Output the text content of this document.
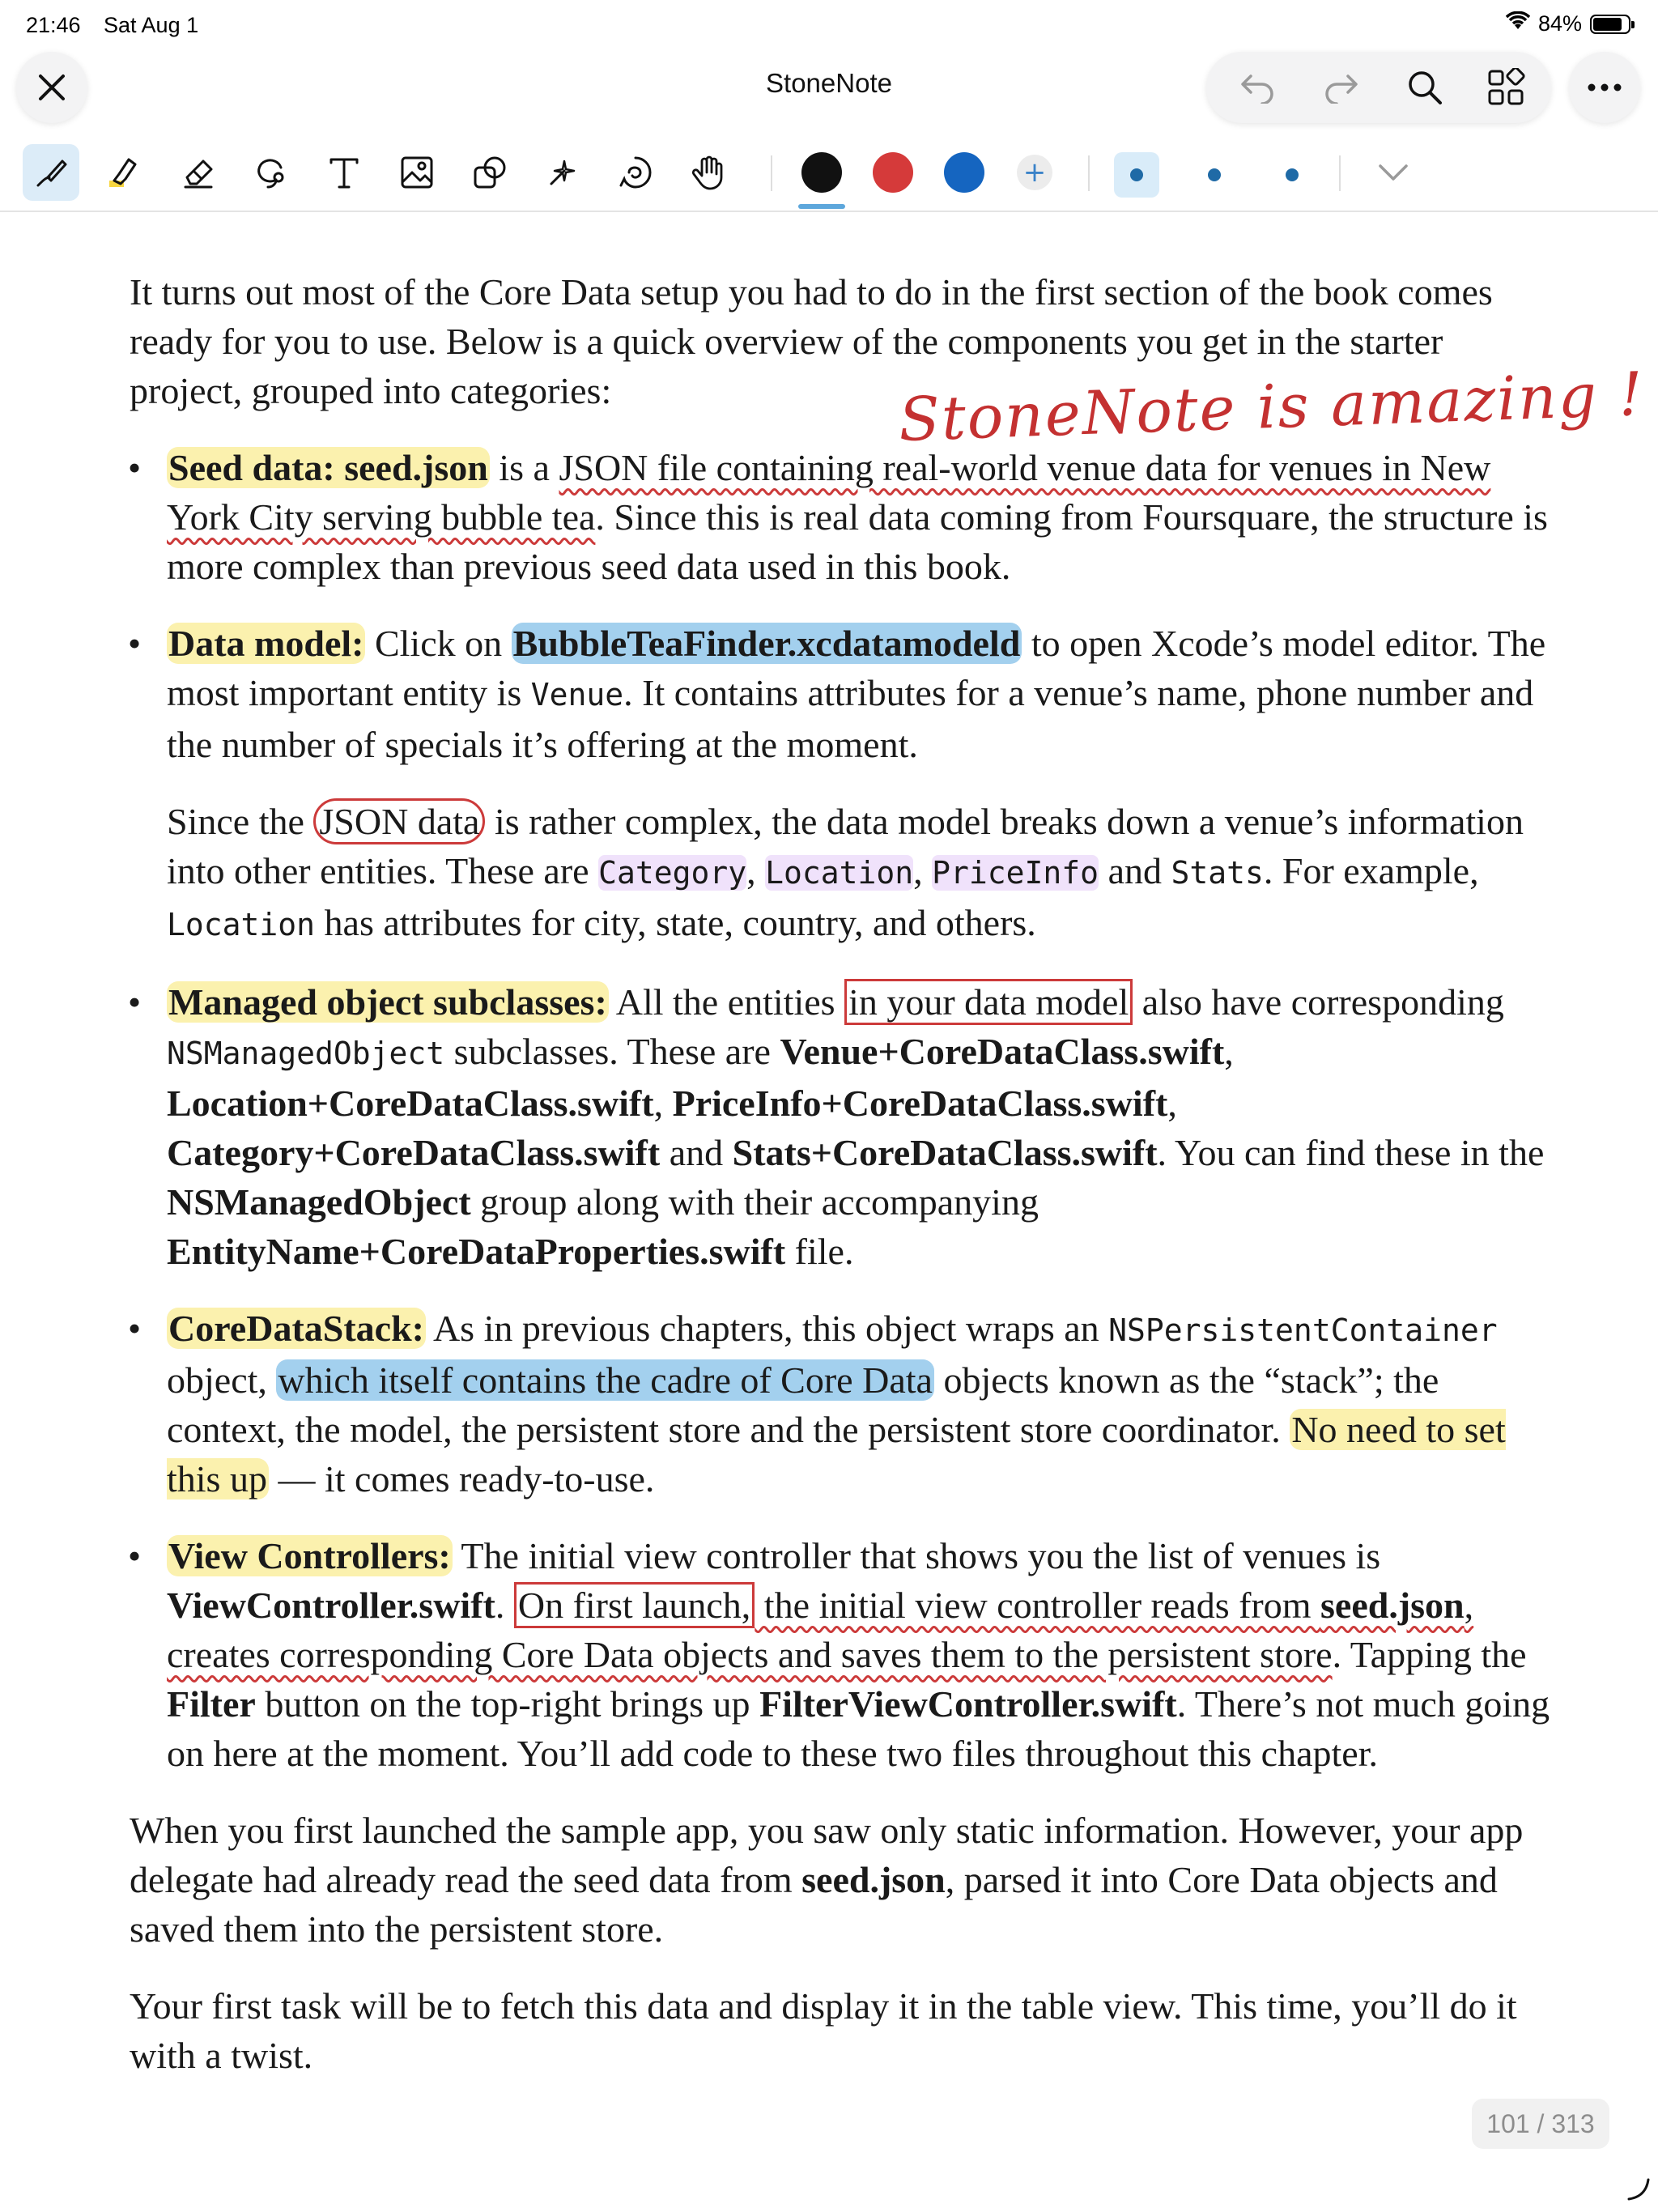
21:46 Sat Aug 1	84%
StoneNote
+
StoneNote is amazing !

It turns out most of the Core Data setup you had to do in the first section of the book comes ready for you to use. Below is a quick overview of the components you get in the starter project, grouped into categories:

• Seed data: seed.json is a JSON file containing real-world venue data for venues in New York City serving bubble tea. Since this is real data coming from Foursquare, the structure is more complex than previous seed data used in this book.
• Data model: Click on BubbleTeaFinder.xcdatamodeld to open Xcode’s model editor. The most important entity is Venue. It contains attributes for a venue’s name, phone number and the number of specials it’s offering at the moment.

Since the JSON data is rather complex, the data model breaks down a venue’s information into other entities. These are Category, Location, PriceInfo and Stats. For example, Location has attributes for city, state, country, and others.

• Managed object subclasses: All the entities in your data model also have corresponding NSManagedObject subclasses. These are Venue+CoreDataClass.swift, Location+CoreDataClass.swift, PriceInfo+CoreDataClass.swift, Category+CoreDataClass.swift and Stats+CoreDataClass.swift. You can find these in the NSManagedObject group along with their accompanying EntityName+CoreDataProperties.swift file.
• CoreDataStack: As in previous chapters, this object wraps an NSPersistentContainer object, which itself contains the cadre of Core Data objects known as the “stack”; the context, the model, the persistent store and the persistent store coordinator. No need to set this up — it comes ready-to-use.
• View Controllers: The initial view controller that shows you the list of venues is ViewController.swift. On first launch, the initial view controller reads from seed.json, creates corresponding Core Data objects and saves them to the persistent store. Tapping the Filter button on the top-right brings up FilterViewController.swift. There’s not much going on here at the moment. You’ll add code to these two files throughout this chapter.

When you first launched the sample app, you saw only static information. However, your app delegate had already read the seed data from seed.json, parsed it into Core Data objects and saved them into the persistent store.

Your first task will be to fetch this data and display it in the table view. This time, you’ll do it with a twist.

101 / 313
